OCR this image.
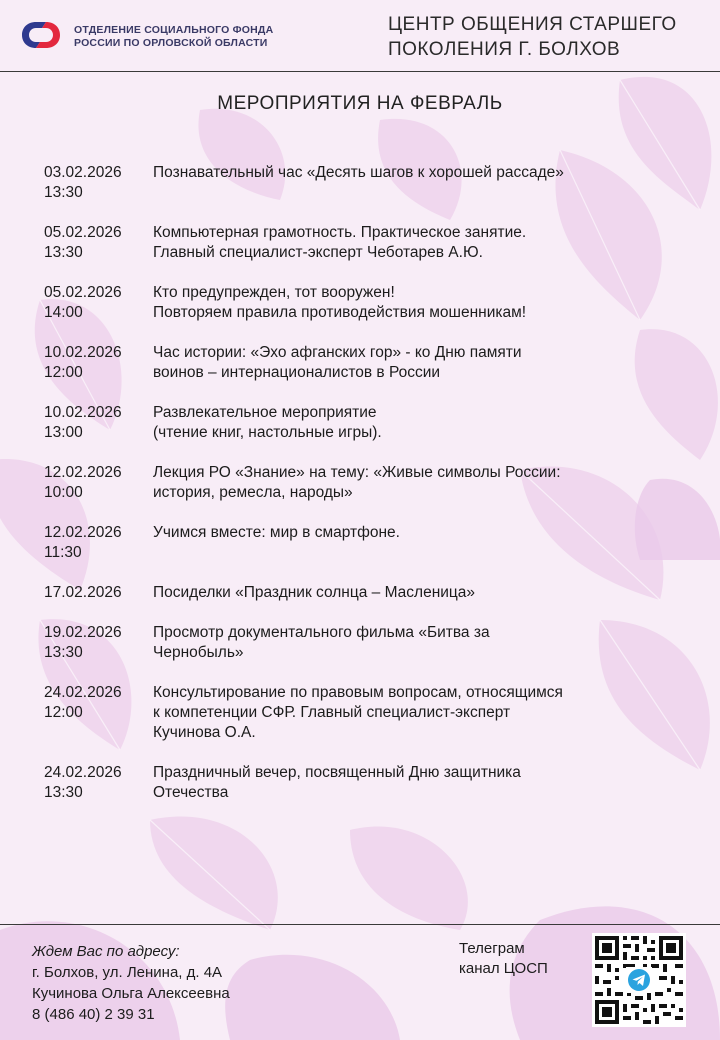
ОТДЕЛЕНИЕ СОЦИАЛЬНОГО ФОНДА
РОССИИ ПО ОРЛОВСКОЙ ОБЛАСТИ
ЦЕНТР ОБЩЕНИЯ СТАРШЕГО
ПОКОЛЕНИЯ Г. БОЛХОВ
МЕРОПРИЯТИЯ НА ФЕВРАЛЬ
03.02.2026
13:30
Познавательный час «Десять шагов к хорошей рассаде»
05.02.2026
13:30
Компьютерная грамотность. Практическое занятие.
Главный специалист-эксперт Чеботарев А.Ю.
05.02.2026
14:00
Кто предупрежден, тот вооружен!
Повторяем правила противодействия мошенникам!
10.02.2026
12:00
Час истории: «Эхо афганских гор» - ко Дню памяти
воинов – интернационалистов в России
10.02.2026
13:00
Развлекательное мероприятие
(чтение книг, настольные игры).
12.02.2026
10:00
Лекция РО «Знание» на тему: «Живые символы России:
история, ремесла, народы»
12.02.2026
11:30
Учимся вместе: мир в смартфоне.
17.02.2026	Посиделки «Праздник солнца – Масленица»
19.02.2026
13:30
Просмотр документального фильма «Битва за
Чернобыль»
24.02.2026
12:00
Консультирование по правовым вопросам, относящимся
к компетенции СФР. Главный специалист-эксперт
Кучинова О.А.
24.02.2026
13:30
Праздничный вечер, посвященный Дню защитника
Отечества
Ждем Вас по адресу:
г. Болхов, ул. Ленина, д. 4А
Кучинова Ольга Алексеевна
8 (486 40) 2 39 31
Телеграм
канал ЦОСП
